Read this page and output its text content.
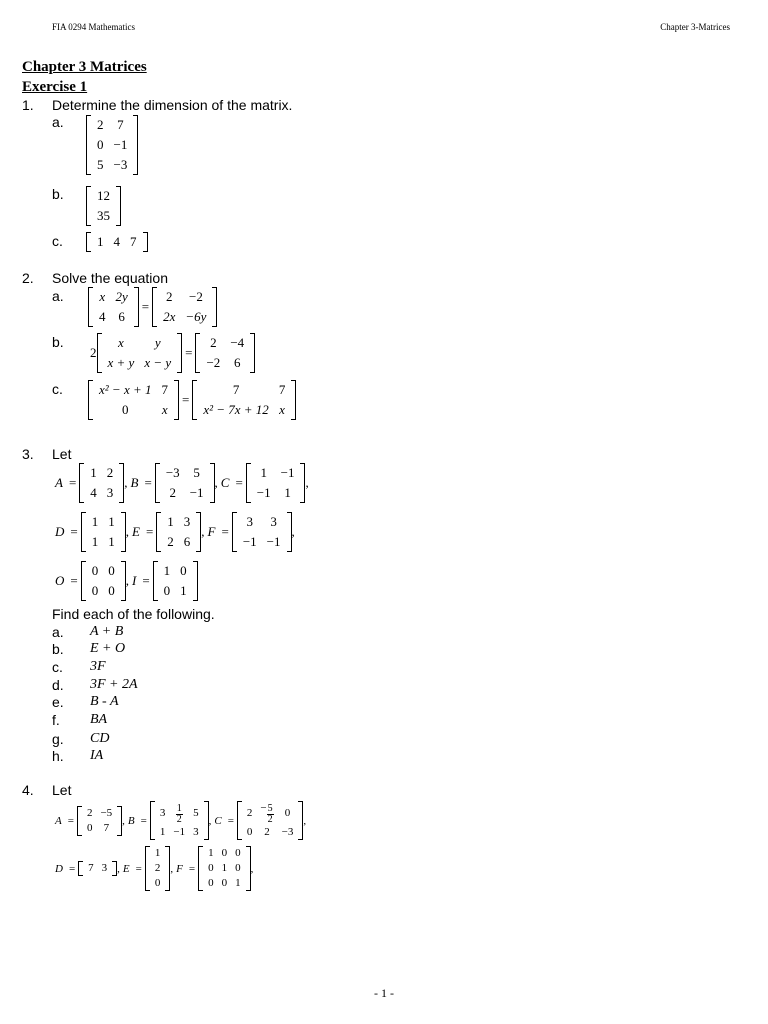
FIA 0294 Mathematics	Chapter 3-Matrices
Chapter 3 Matrices
Exercise 1
1. Determine the dimension of the matrix.
a.	2	7
0	−1
5	−3
b.	12
35
c.	1	4	7
2. Solve the equation
a.	x	2y
4	6
=
2	−2
2x	−6y
b.
2
x	y
x + y	x − y
=
2	−4
−2	6
c.	x² − x + 1	7
0	x
=
7	7
x² − 7x + 12	x
3. Let
A =
1	2
4	3
, B =
−3	5
2	−1
, C =
1	−1
−1	1
,
D =
1	1
1	1
, E =
1	3
2	6
, F =
3	3
−1	−1
,
O =
0	0
0	0
, I =
1	0
0	1
Find each of the following.
a. A + B
b. E + O
c. 3F
d. 3F + 2A
e. B - A
f. BA
g. CD
h. IA
4. Let
A =
2	−5
0	7
, B =
3	$\frac{1}{2}$	5
1	−1	3
, C =
2	− $\frac{5}{2}$	0
0	2	−3
,
D = 7	3 , E =
1
2
0
, F =
1	0	0
0	1	0
0	0	1
,
- 1 -
